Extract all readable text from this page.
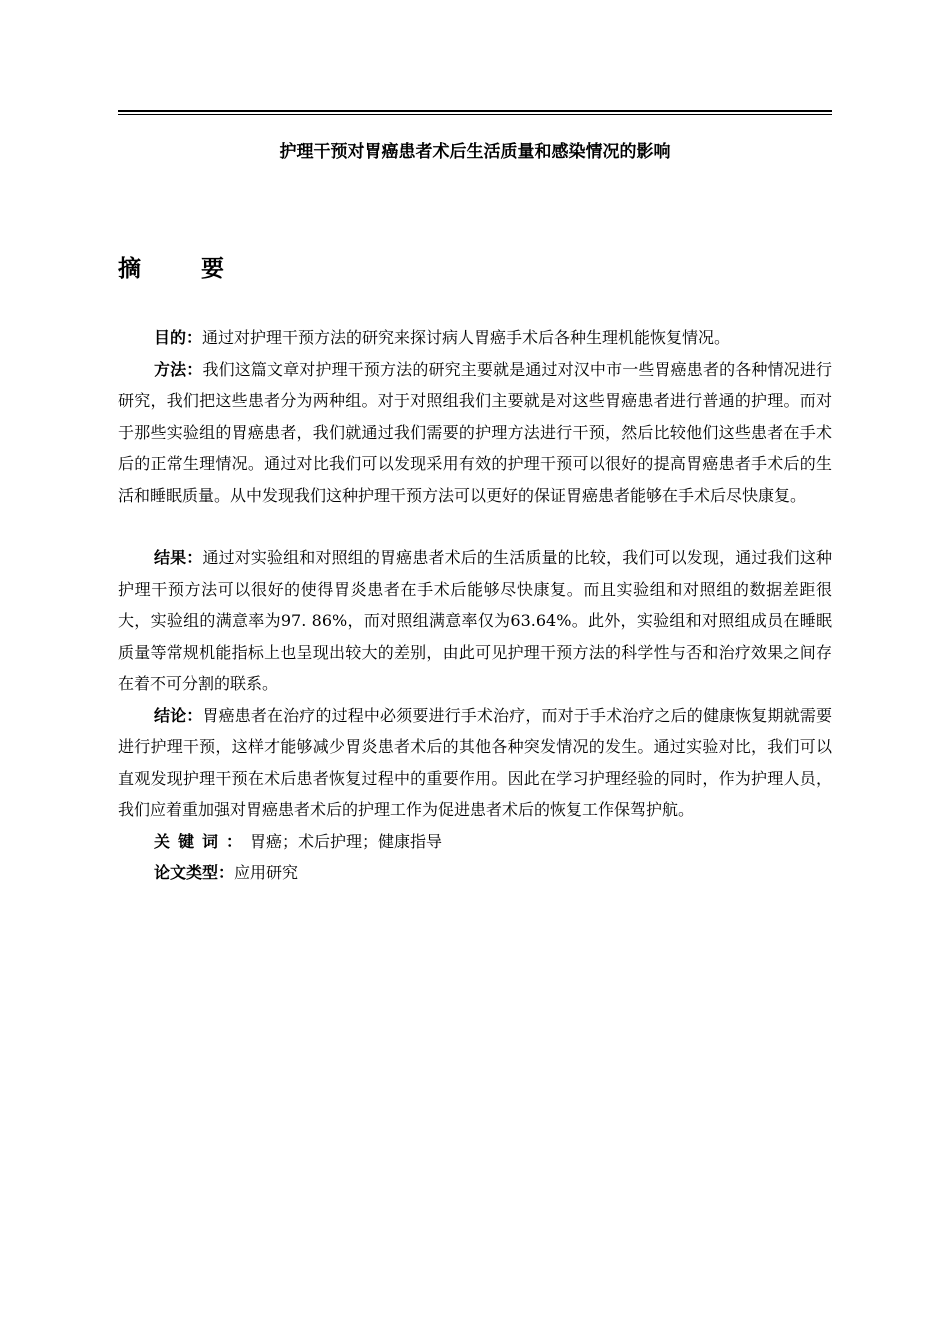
护理干预对胃癌患者术后生活质量和感染情况的影响
摘 要

目的：通过对护理干预方法的研究来探讨病人胃癌手术后各种生理机能恢复情况。

方法：我们这篇文章对护理干预方法的研究主要就是通过对汉中市一些胃癌患者的各种情况进行研究，我们把这些患者分为两种组。对于对照组我们主要就是对这些胃癌患者进行普通的护理。而对于那些实验组的胃癌患者，我们就通过我们需要的护理方法进行干预，然后比较他们这些患者在手术后的正常生理情况。通过对比我们可以发现采用有效的护理干预可以很好的提高胃癌患者手术后的生活和睡眠质量。从中发现我们这种护理干预方法可以更好的保证胃癌患者能够在手术后尽快康复。

结果：通过对实验组和对照组的胃癌患者术后的生活质量的比较，我们可以发现，通过我们这种护理干预方法可以很好的使得胃炎患者在手术后能够尽快康复。而且实验组和对照组的数据差距很大，实验组的满意率为97. 86%，而对照组满意率仅为63.64%。此外，实验组和对照组成员在睡眠质量等常规机能指标上也呈现出较大的差别，由此可见护理干预方法的科学性与否和治疗效果之间存在着不可分割的联系。

结论：胃癌患者在治疗的过程中必须要进行手术治疗，而对于手术治疗之后的健康恢复期就需要进行护理干预，这样才能够减少胃炎患者术后的其他各种突发情况的发生。通过实验对比，我们可以直观发现护理干预在术后患者恢复过程中的重要作用。因此在学习护理经验的同时，作为护理人员，我们应着重加强对胃癌患者术后的护理工作为促进患者术后的恢复工作保驾护航。

关键词：胃癌；术后护理；健康指导

论文类型：应用研究
